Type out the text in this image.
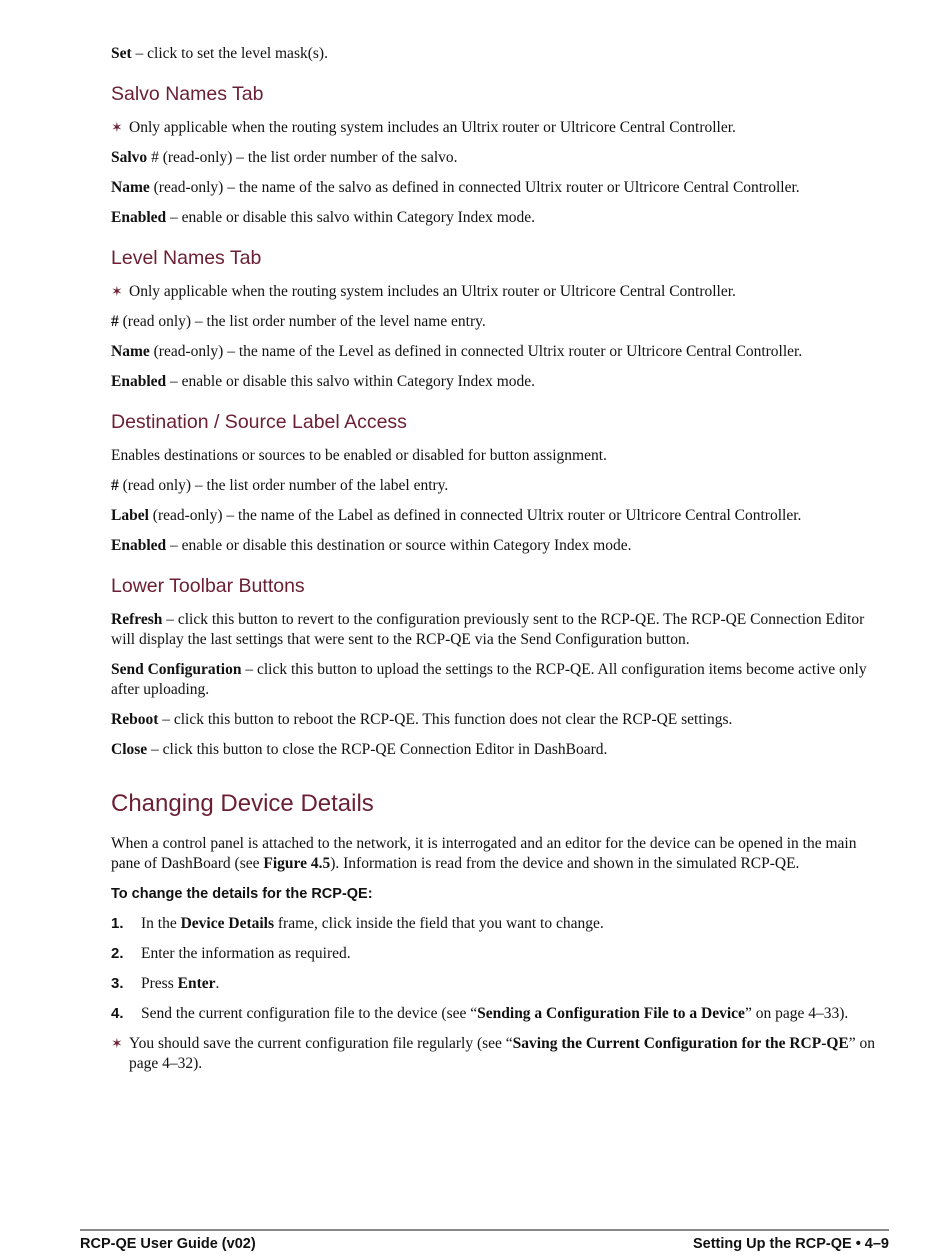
Set – click to set the level mask(s).

Salvo Names Tab

✶ Only applicable when the routing system includes an Ultrix router or Ultricore Central Controller.

Salvo # (read-only) – the list order number of the salvo.

Name (read-only) – the name of the salvo as defined in connected Ultrix router or Ultricore Central Controller.

Enabled – enable or disable this salvo within Category Index mode.

Level Names Tab

✶ Only applicable when the routing system includes an Ultrix router or Ultricore Central Controller.

# (read only) – the list order number of the level name entry.

Name (read-only) – the name of the Level as defined in connected Ultrix router or Ultricore Central Controller.

Enabled – enable or disable this salvo within Category Index mode.

Destination / Source Label Access

Enables destinations or sources to be enabled or disabled for button assignment.

# (read only) – the list order number of the label entry.

Label (read-only) – the name of the Label as defined in connected Ultrix router or Ultricore Central Controller.

Enabled – enable or disable this destination or source within Category Index mode.

Lower Toolbar Buttons

Refresh – click this button to revert to the configuration previously sent to the RCP-QE. The RCP-QE Connection Editor will display the last settings that were sent to the RCP-QE via the Send Configuration button.

Send Configuration – click this button to upload the settings to the RCP-QE. All configuration items become active only after uploading.

Reboot – click this button to reboot the RCP-QE. This function does not clear the RCP-QE settings.

Close – click this button to close the RCP-QE Connection Editor in DashBoard.

Changing Device Details

When a control panel is attached to the network, it is interrogated and an editor for the device can be opened in the main pane of DashBoard (see Figure 4.5). Information is read from the device and shown in the simulated RCP-QE.

To change the details for the RCP-QE:

1. In the Device Details frame, click inside the field that you want to change.
2. Enter the information as required.
3. Press Enter.
4. Send the current configuration file to the device (see “Sending a Configuration File to a Device” on page 4–33).

✶ You should save the current configuration file regularly (see “Saving the Current Configuration for the RCP-QE” on page 4–32).

RCP-QE User Guide (v02)	Setting Up the RCP-QE • 4–9
